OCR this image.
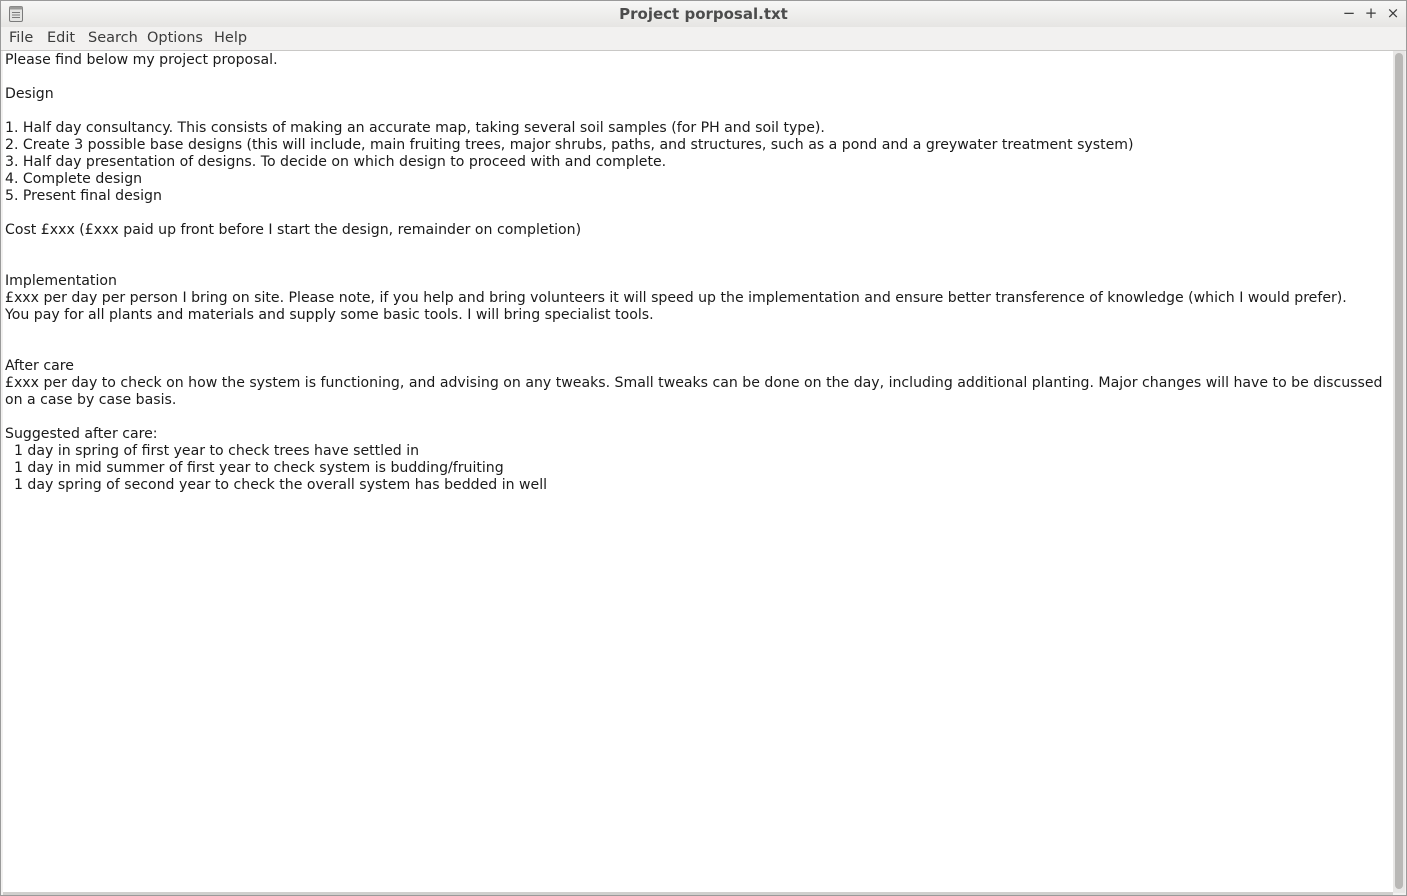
Project porposal.txt	− + ×
File Edit Search Options Help
Please find below my project proposal.

Design

1. Half day consultancy. This consists of making an accurate map, taking several soil samples (for PH and soil type).
2. Create 3 possible base designs (this will include, main fruiting trees, major shrubs, paths, and structures, such as a pond and a greywater treatment system)
3. Half day presentation of designs. To decide on which design to proceed with and complete.
4. Complete design
5. Present final design

Cost £xxx (£xxx paid up front before I start the design, remainder on completion)

Implementation
£xxx per day per person I bring on site. Please note, if you help and bring volunteers it will speed up the implementation and ensure better transference of knowledge (which I would prefer).
You pay for all plants and materials and supply some basic tools. I will bring specialist tools.

After care
£xxx per day to check on how the system is functioning, and advising on any tweaks. Small tweaks can be done on the day, including additional planting. Major changes will have to be discussed on a case by case basis.

Suggested after care:
1 day in spring of first year to check trees have settled in
1 day in mid summer of first year to check system is budding/fruiting
1 day spring of second year to check the overall system has bedded in well
